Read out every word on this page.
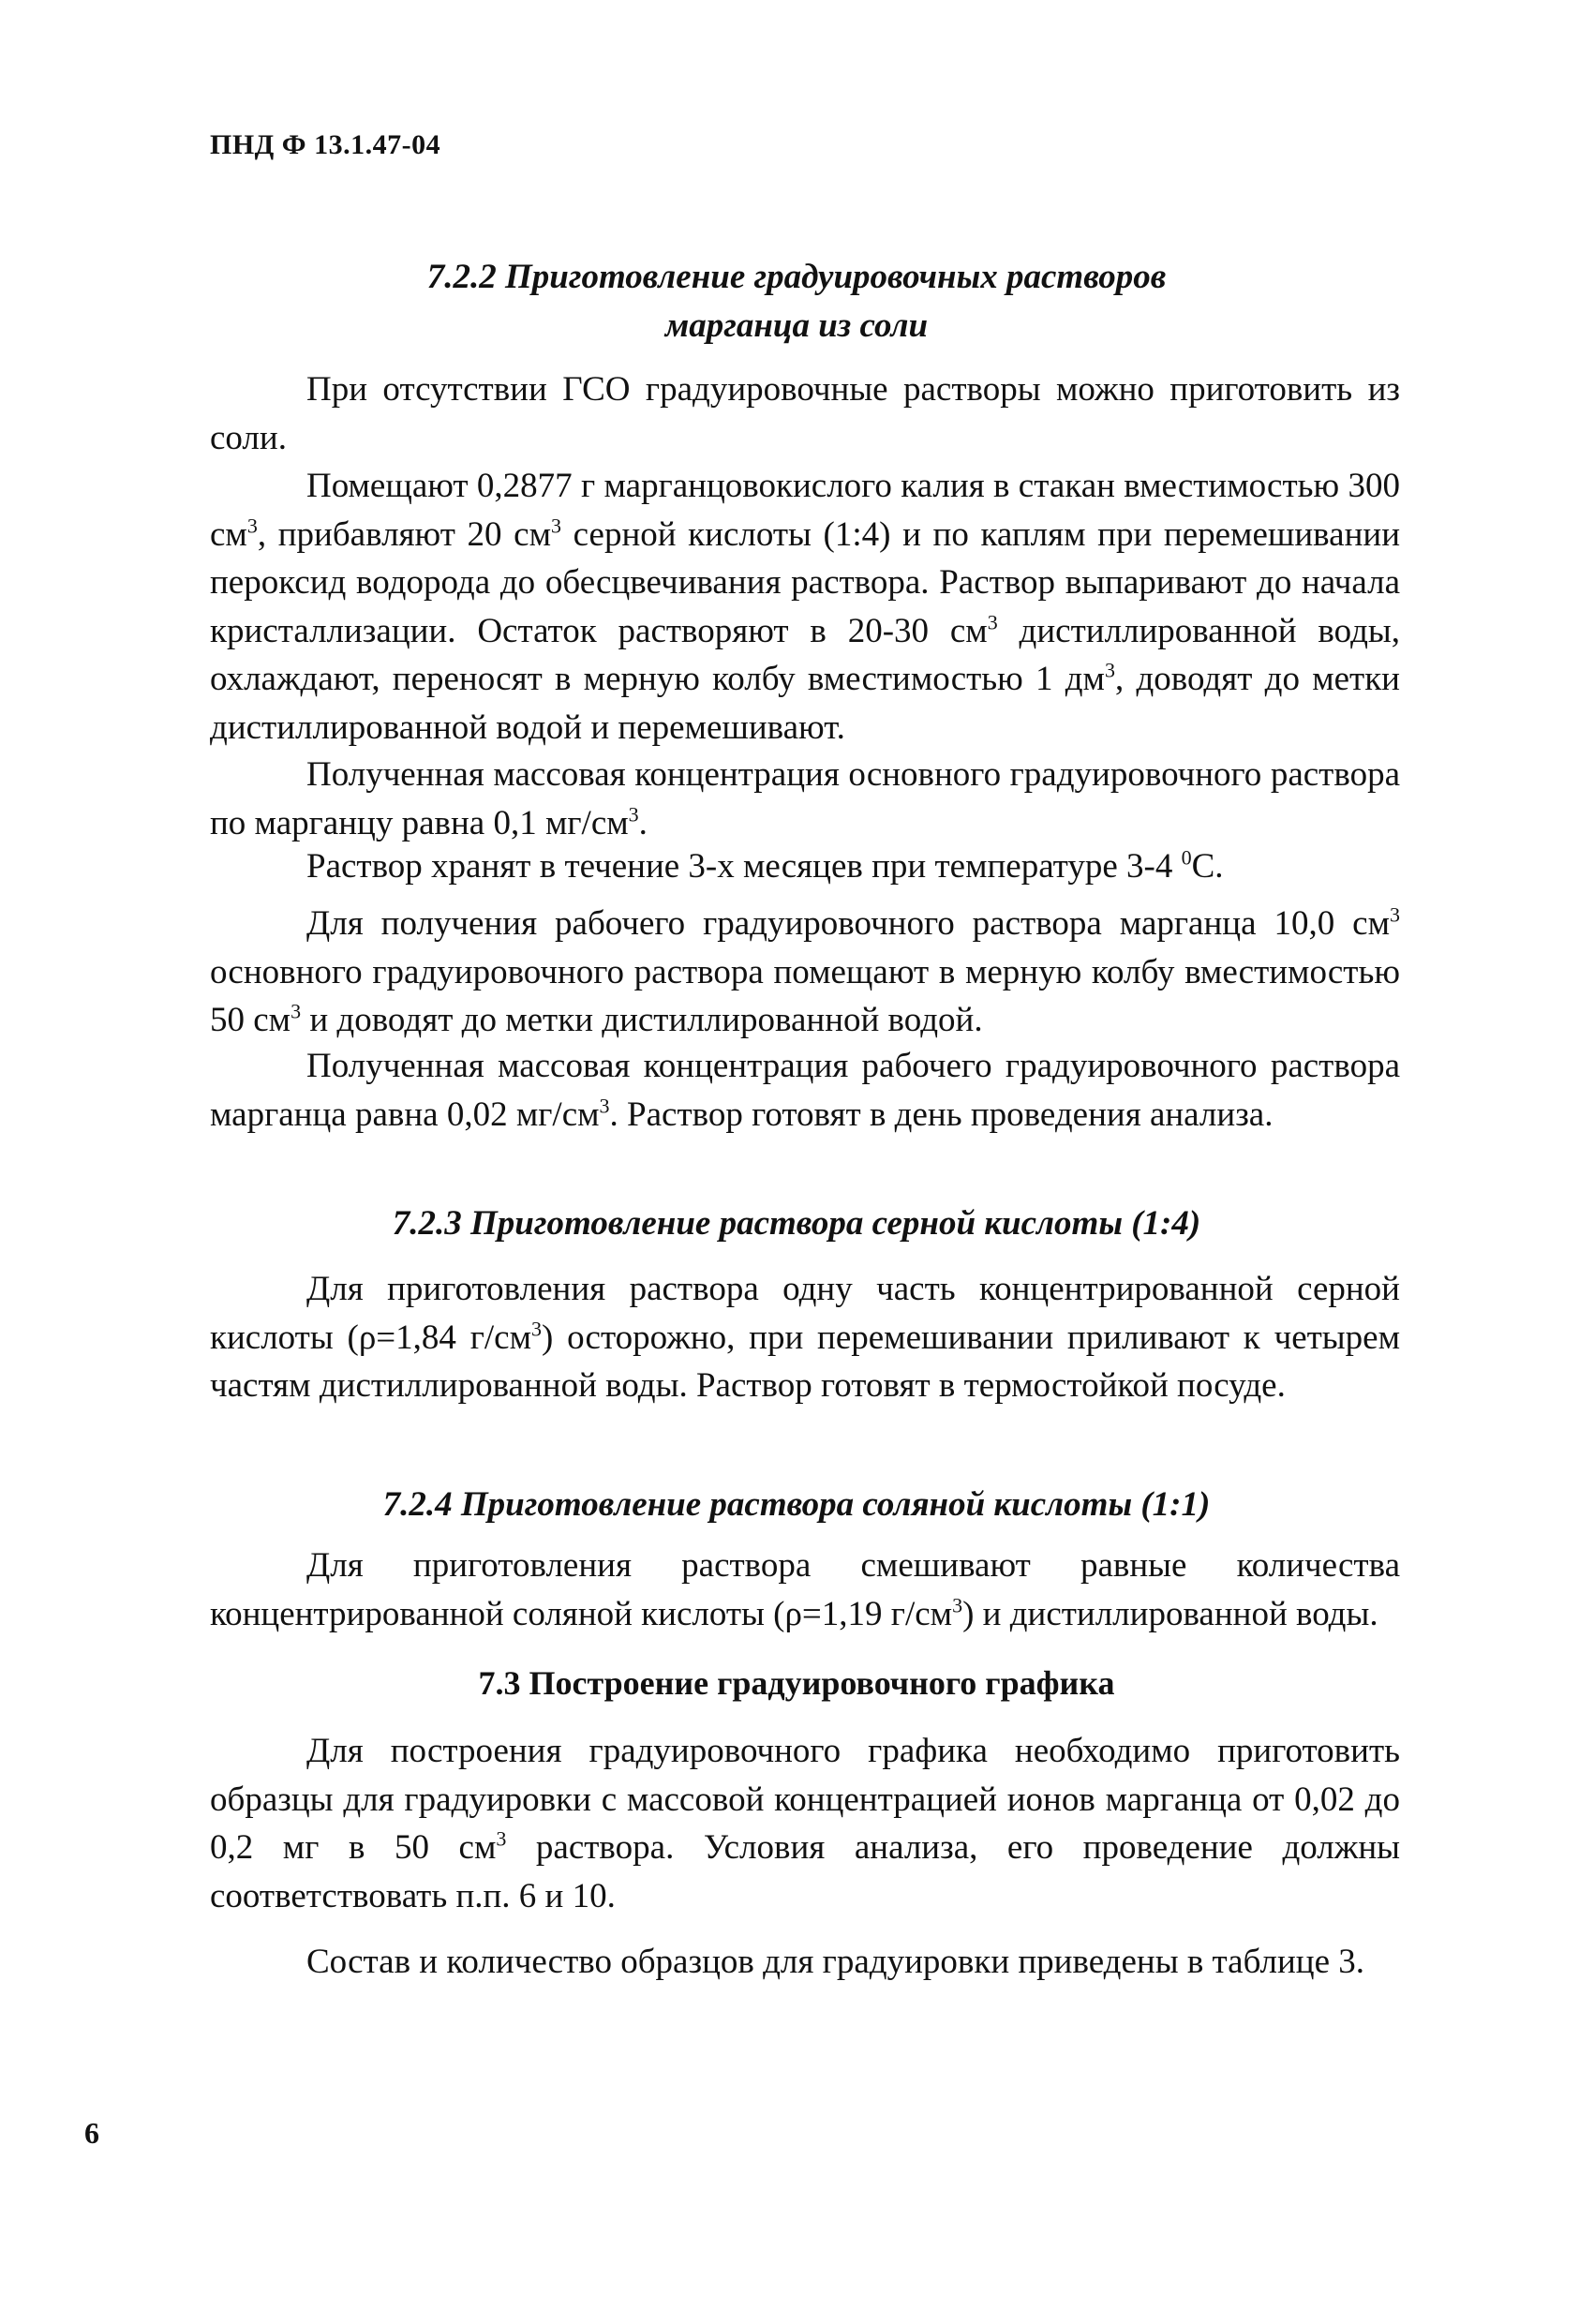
ПНД Ф 13.1.47-04
7.2.2 Приготовление градуировочных растворов
марганца из соли

При отсутствии ГСО градуировочные растворы можно приготовить из соли.

Помещают 0,2877 г марганцовокислого калия в стакан вместимостью 300 $см^3$, прибавляют 20 $см^3$ серной кислоты (1:4) и по каплям при перемешивании пероксид водорода до обесцвечивания раствора. Раствор выпаривают до начала кристаллизации. Остаток растворяют в 20-30 $см^3$ дистиллированной воды, охлаждают, переносят в мерную колбу вместимостью 1 $дм^3$, доводят до метки дистиллированной водой и перемешивают.

Полученная массовая концентрация основного градуировочного раствора по марганцу равна 0,1 $мг/см^3$.

Раствор хранят в течение 3-х месяцев при температуре 3-4 $^0$С.

Для получения рабочего градуировочного раствора марганца 10,0 $см^3$ основного градуировочного раствора помещают в мерную колбу вместимостью 50 $см^3$ и доводят до метки дистиллированной водой.

Полученная массовая концентрация рабочего градуировочного раствора марганца равна 0,02 $мг/см^3$. Раствор готовят в день проведения анализа.

7.2.3 Приготовление раствора серной кислоты (1:4)

Для приготовления раствора одну часть концентрированной серной кислоты (ρ=1,84 $г/см^3$) осторожно, при перемешивании приливают к четырем частям дистиллированной воды. Раствор готовят в термостойкой посуде.

7.2.4 Приготовление раствора соляной кислоты (1:1)

Для приготовления раствора смешивают равные количества концентрированной соляной кислоты (ρ=1,19 $г/см^3$) и дистиллированной воды.

7.3 Построение градуировочного графика

Для построения градуировочного графика необходимо приготовить образцы для градуировки с массовой концентрацией ионов марганца от 0,02 до 0,2 мг в 50 $см^3$ раствора. Условия анализа, его проведение должны соответствовать п.п. 6 и 10.

Состав и количество образцов для градуировки приведены в таблице 3.

6
